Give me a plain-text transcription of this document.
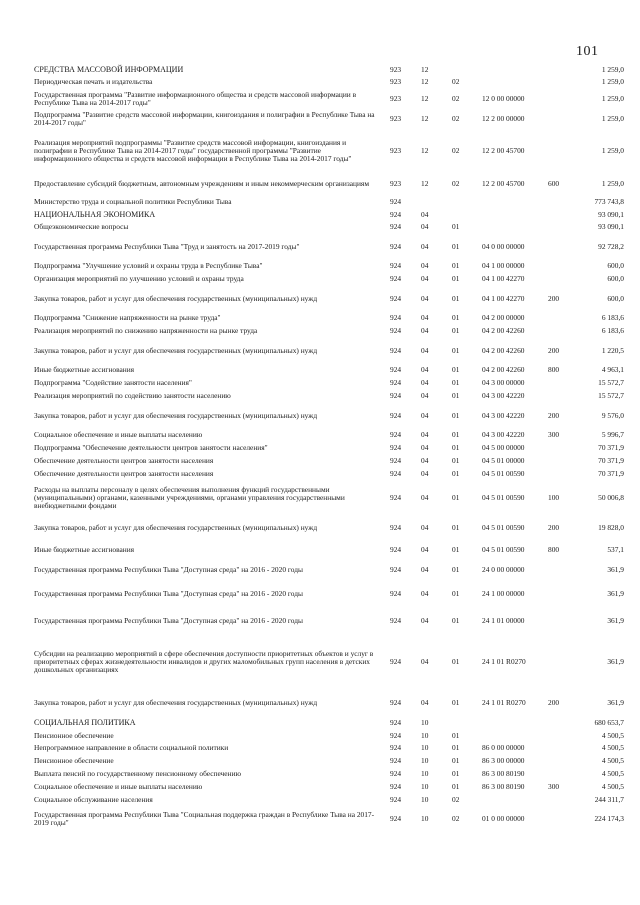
101
СРЕДСТВА МАССОВОЙ ИНФОРМАЦИИ	923	12				1 259,0
Периодическая печать и издательства	923	12	02			1 259,0
Государственная программа "Развитие информационного общества и средств массовой информации в Республике Тыва на 2014-2017 годы"	923	12	02	12 0 00 00000		1 259,0
Подпрограмма "Развитие средств массовой информации, книгоиздания и полиграфии в Республике Тыва на 2014-2017 годы"	923	12	02	12 2 00 00000		1 259,0
Реализация мероприятий подпрограммы "Развитие средств массовой информации, книгоиздания и полиграфии в Республике Тыва на 2014-2017 годы" государственной программы "Развитие информационного общества и средств массовой информации в Республике Тыва на 2014-2017 годы"	923	12	02	12 2 00 45700		1 259,0
Предоставление субсидий бюджетным, автономным учреждениям и иным некоммерческим организациям	923	12	02	12 2 00 45700	600	1 259,0
Министерство труда и социальной политики Республики Тыва	924					773 743,8
НАЦИОНАЛЬНАЯ ЭКОНОМИКА	924	04				93 090,1
Общеэкономические вопросы	924	04	01			93 090,1
Государственная программа Республики Тыва "Труд и занятость на 2017-2019 годы"	924	04	01	04 0 00 00000		92 728,2
Подпрограмма "Улучшение условий и охраны труда в Республике Тыва"	924	04	01	04 1 00 00000		600,0
Организация мероприятий по улучшению условий и охраны труда	924	04	01	04 1 00 42270		600,0
Закупка товаров, работ и услуг для обеспечения государственных (муниципальных) нужд	924	04	01	04 1 00 42270	200	600,0
Подпрограмма "Снижение напряженности на рынке труда"	924	04	01	04 2 00 00000		6 183,6
Реализация мероприятий по снижению напряженности на рынке труда	924	04	01	04 2 00 42260		6 183,6
Закупка товаров, работ и услуг для обеспечения государственных (муниципальных) нужд	924	04	01	04 2 00 42260	200	1 220,5
Иные бюджетные ассигнования	924	04	01	04 2 00 42260	800	4 963,1
Подпрограмма "Содействие занятости населения"	924	04	01	04 3 00 00000		15 572,7
Реализация мероприятий по содействию занятости населению	924	04	01	04 3 00 42220		15 572,7
Закупка товаров, работ и услуг для обеспечения государственных (муниципальных) нужд	924	04	01	04 3 00 42220	200	9 576,0
Социальное обеспечение и иные выплаты населению	924	04	01	04 3 00 42220	300	5 996,7
Подпрограмма "Обеспечение деятельности центров занятости населения"	924	04	01	04 5 00 00000		70 371,9
Обеспечение деятельности центров занятости населения	924	04	01	04 5 01 00000		70 371,9
Обеспечение деятельности центров занятости населения	924	04	01	04 5 01 00590		70 371,9
Расходы на выплаты персоналу в целях обеспечения выполнения функций государственными (муниципальными) органами, казенными учреждениями, органами управления государственными внебюджетными фондами	924	04	01	04 5 01 00590	100	50 006,8
Закупка товаров, работ и услуг для обеспечения государственных (муниципальных) нужд	924	04	01	04 5 01 00590	200	19 828,0
Иные бюджетные ассигнования	924	04	01	04 5 01 00590	800	537,1
Государственная программа Республики Тыва "Доступная среда" на 2016 - 2020 годы	924	04	01	24 0 00 00000		361,9
Государственная программа Республики Тыва "Доступная среда" на 2016 - 2020 годы	924	04	01	24 1 00 00000		361,9
Государственная программа Республики Тыва "Доступная среда" на 2016 - 2020 годы	924	04	01	24 1 01 00000		361,9
Субсидии на реализацию мероприятий в сфере обеспечения доступности приоритетных объектов и услуг в приоритетных сферах жизнедеятельности инвалидов и других маломобильных групп населения в детских дошкольных организациях	924	04	01	24 1 01 R0270		361,9
Закупка товаров, работ и услуг для обеспечения государственных (муниципальных) нужд	924	04	01	24 1 01 R0270	200	361,9
СОЦИАЛЬНАЯ ПОЛИТИКА	924	10				680 653,7
Пенсионное обеспечение	924	10	01			4 500,5
Непрограммное направление в области социальной политики	924	10	01	86 0 00 00000		4 500,5
Пенсионное обеспечение	924	10	01	86 3 00 00000		4 500,5
Выплата пенсий по государственному пенсионному обеспечению	924	10	01	86 3 00 80190		4 500,5
Социальное обеспечение и иные выплаты населению	924	10	01	86 3 00 80190	300	4 500,5
Социальное обслуживание населения	924	10	02			244 311,7
Государственная программа Республики Тыва "Социальная поддержка граждан в Республике Тыва на 2017-2019 годы"	924	10	02	01 0 00 00000		224 174,3
